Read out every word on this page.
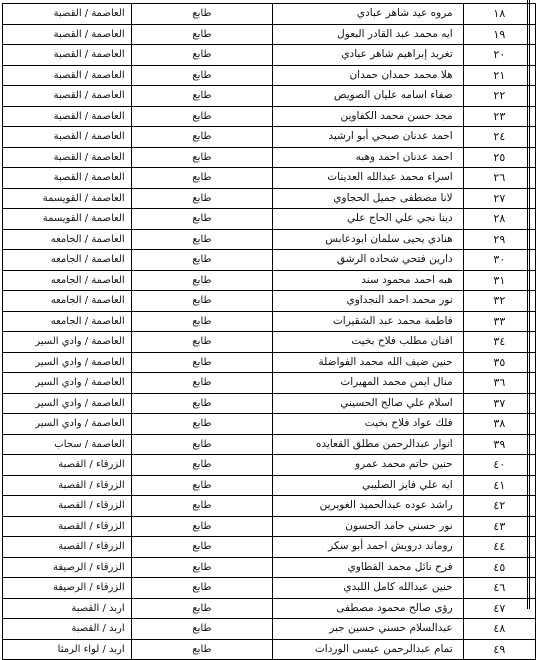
١٨	مروه عيد شاهر عبادي	طابع	العاصمة / القصبة
١٩	ايه محمد عبد القادر البعول	طابع	العاصمة / القصبة
٢٠	تغريد إبراهيم شاهر عبادي	طابع	العاصمة / القصبة
٢١	هلا محمد حمدان حمدان	طابع	العاصمة / القصبة
٢٢	صفاء اسامه عليان الصويص	طابع	العاصمة / القصبة
٢٣	مجد حسن محمد الكفاوين	طابع	العاصمة / القصبة
٢٤	احمد عدنان صبحي أبو ارشيد	طابع	العاصمة / القصبة
٢٥	احمد عدنان احمد وهبه	طابع	العاصمة / القصبة
٢٦	اسراء محمد عبدالله العدينات	طابع	العاصمة / القصبة
٢٧	لانا مصطفى جميل الحجاوي	طابع	العاصمة / القويسمة
٢٨	دينا نجي علي الحاج علي	طابع	العاصمة / القويسمة
٢٩	هنادي يحيى سلمان ابودعابس	طابع	العاصمة / الجامعه
٣٠	دارين فتحي شحاده الرشق	طابع	العاصمة / الجامعه
٣١	هبه احمد محمود سند	طابع	العاصمة / الجامعه
٣٢	نور محمد احمد النجداوي	طابع	العاصمة / الجامعه
٣٣	فاطمة محمد عبد الشقيرات	طابع	العاصمة / الجامعه
٣٤	افنان مطلب فلاح بخيت	طابع	العاصمة / وادي السير
٣٥	حنين ضيف الله محمد الفواضلة	طابع	العاصمة / وادي السير
٣٦	منال ايمن محمد المهيرات	طابع	العاصمة / وادي السير
٣٧	اسلام علي صالح الحسيني	طابع	العاصمة / وادي السير
٣٨	فلك عواد فلاح بخيت	طابع	العاصمة / وادي السير
٣٩	انوار عبدالرحمن مطلق القعايده	طابع	العاصمة / سحاب
٤٠	حنين حاتم محمد عمرو	طابع	الزرقاء / القصبة
٤١	ايه علي فايز الصليبي	طابع	الزرقاء / القصبة
٤٢	راشد عوده عبدالحميد الغويرين	طابع	الزرقاء / القصبة
٤٣	نور حسني حامد الحسون	طابع	الزرقاء / القصبة
٤٤	روماند درويش احمد أبو سكر	طابع	الزرقاء / القصبة
٤٥	فرح نائل محمد القطاوي	طابع	الزرقاء / الرصيفة
٤٦	حنين عبدالله كامل اللبدي	طابع	الزرقاء / الرصيفة
٤٧	رؤى صالح محمود مصطفى	طابع	اربد / القصبة
٤٨	عبدالسلام حسني حسين جبر	طابع	اربد / القصبة
٤٩	تمام عبدالرحمن عيسى الوردات	طابع	اربد / لواء الرمثا
